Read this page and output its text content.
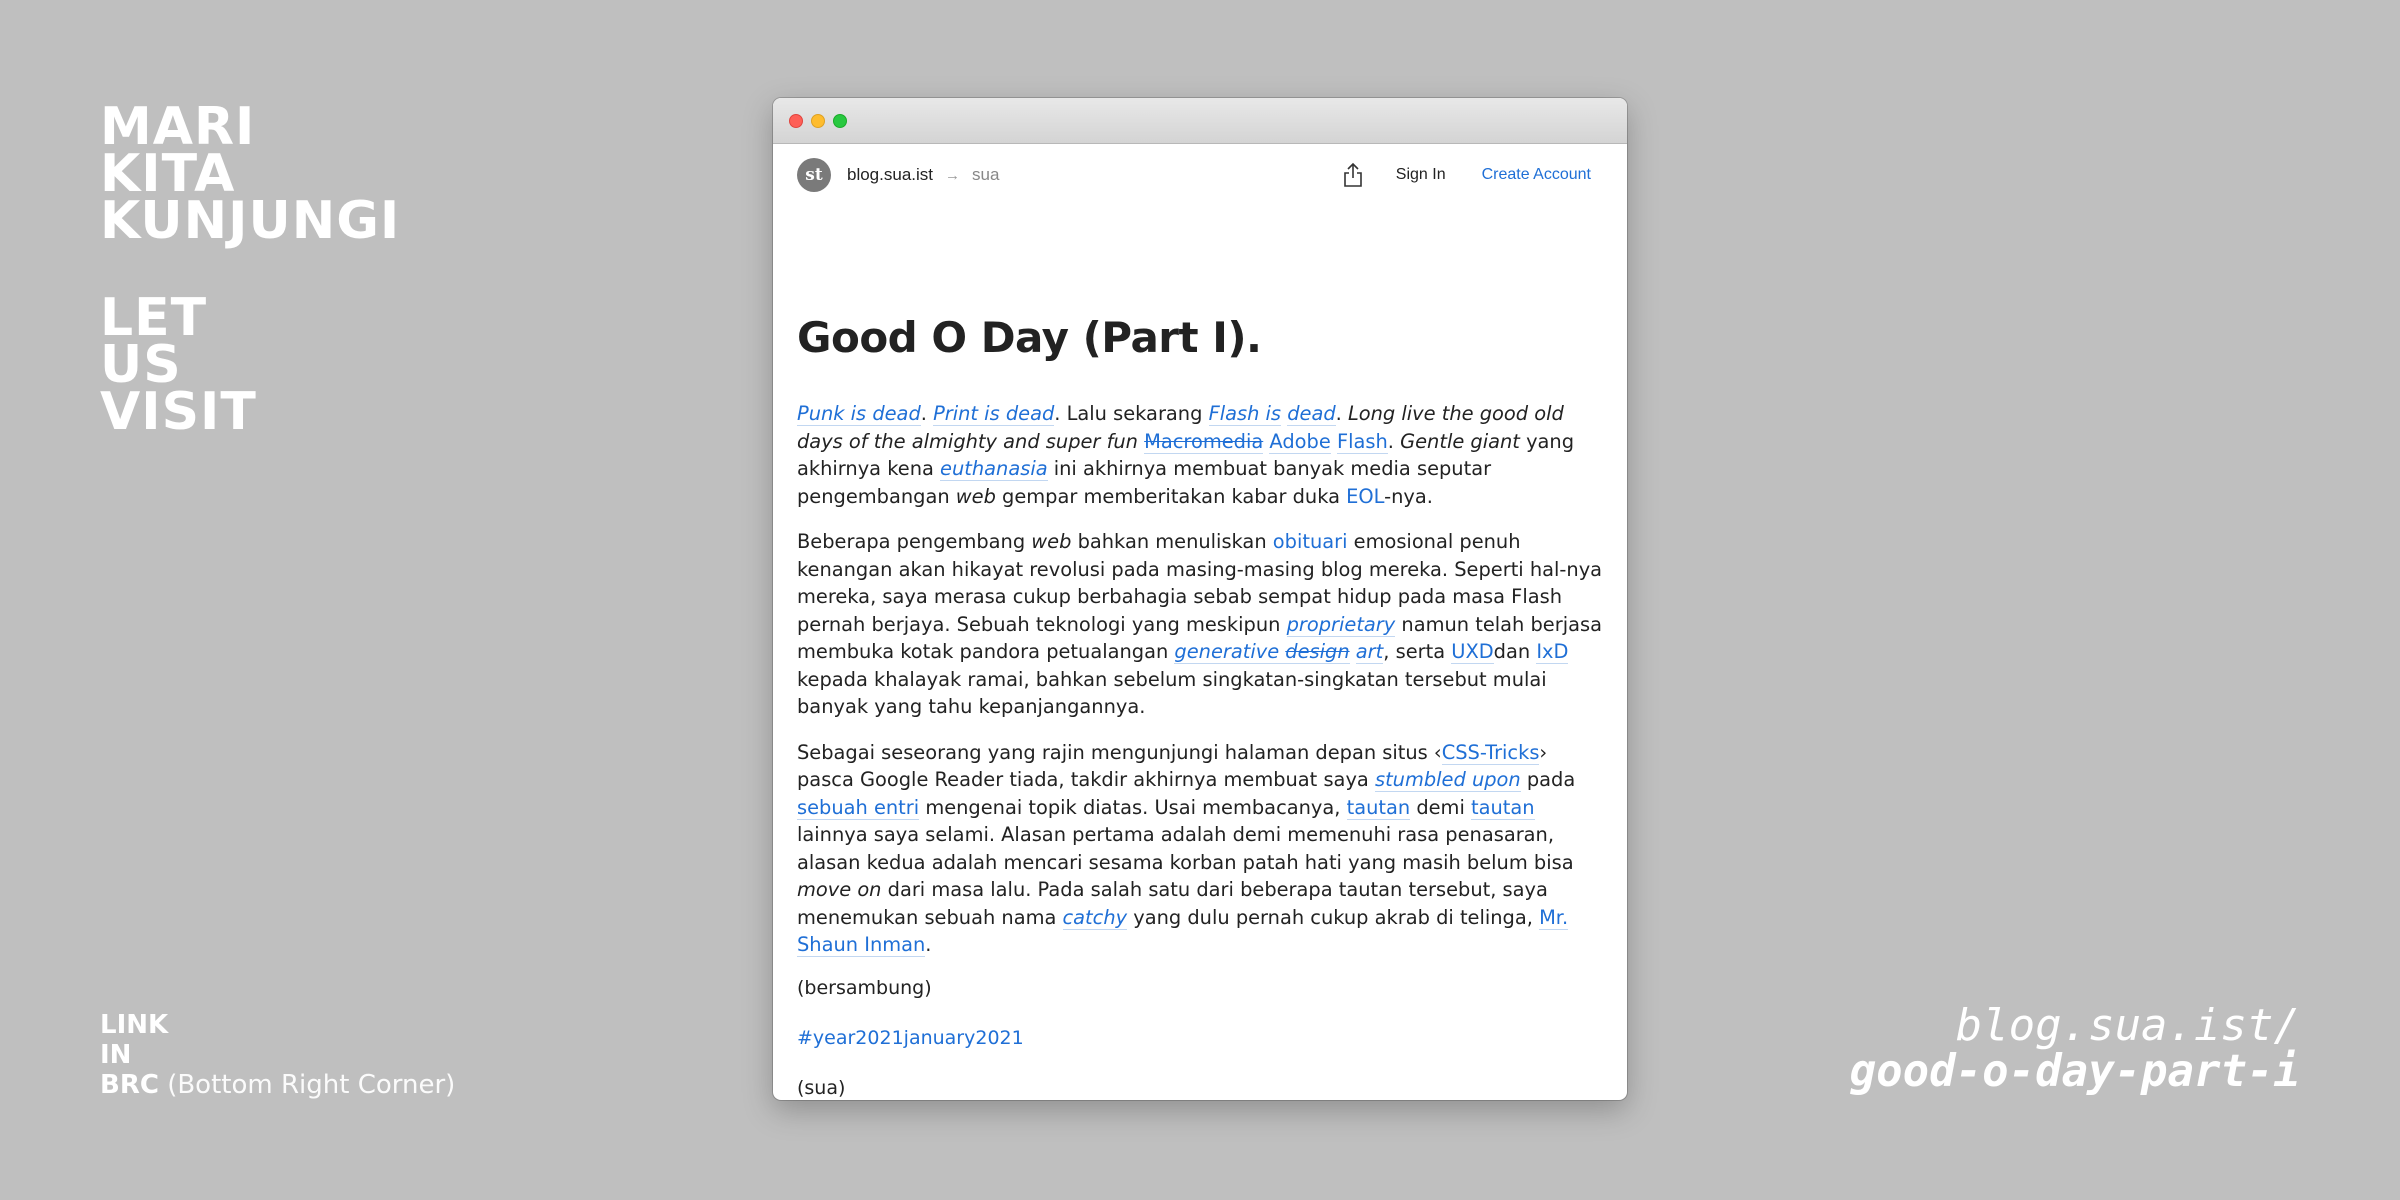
MARI
KITA
KUNJUNGI
LET
US
VISIT
LINK
IN
BRC (Bottom Right Corner)
blog.sua.ist/
good-o-day-part-i
st	blog.sua.ist → sua	Sign In Create Account
Good O Day (Part I).

Punk is dead. Print is dead. Lalu sekarang Flash is dead. Long live the good old days of the almighty and super fun Macromedia Adobe Flash. Gentle giant yang akhirnya kena euthanasia ini akhirnya membuat banyak media seputar pengembangan web gempar memberitakan kabar duka EOL-nya.

Beberapa pengembang web bahkan menuliskan obituari emosional penuh kenangan akan hikayat revolusi pada masing-masing blog mereka. Seperti hal-nya mereka, saya merasa cukup berbahagia sebab sempat hidup pada masa Flash pernah berjaya. Sebuah teknologi yang meskipun proprietary namun telah berjasa membuka kotak pandora petualangan generative design art, serta UXDdan IxD kepada khalayak ramai, bahkan sebelum singkatan-singkatan tersebut mulai banyak yang tahu kepanjangannya.

Sebagai seseorang yang rajin mengunjungi halaman depan situs ‹CSS-Tricks› pasca Google Reader tiada, takdir akhirnya membuat saya stumbled upon pada sebuah entri mengenai topik diatas. Usai membacanya, tautan demi tautan lainnya saya selami. Alasan pertama adalah demi memenuhi rasa penasaran, alasan kedua adalah mencari sesama korban patah hati yang masih belum bisa move on dari masa lalu. Pada salah satu dari beberapa tautan tersebut, saya menemukan sebuah nama catchy yang dulu pernah cukup akrab di telinga, Mr. Shaun Inman.

(bersambung)
#year2021january2021
(sua)
